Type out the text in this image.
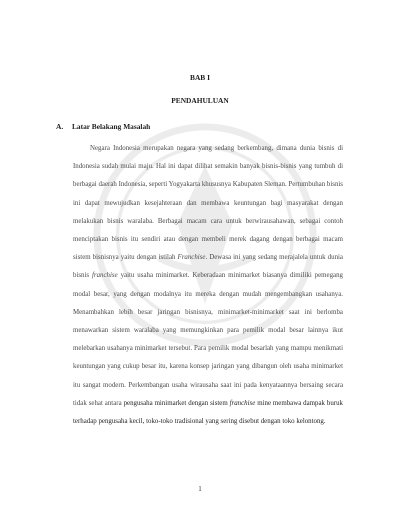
BAB I
PENDAHULUAN
A. Latar Belakang Masalah

Negara Indonesia merupakan negara yang sedang berkembang, dimana dunia bisnis di Indonesia sudah mulai maju. Hal ini dapat dilihat semakin banyak bisnis-bisnis yang tumbuh di berbagai daerah Indonesia, seperti Yogyakarta khususnya Kabupaten Sleman. Pertumbuhan bisnis ini dapat mewujudkan kesejahteraan dan membawa keuntungan bagi masyarakat dengan melakukan bisnis waralaba. Berbagai macam cara untuk berwirausahawan, sebagai contoh menciptakan bisnis itu sendiri atau dengan membeli merek dagang dengan berbagai macam sistem bisnisnya yaitu dengan istilah Franchise. Dewasa ini yang sedang merajalela untuk dunia bisnis franchise yaitu usaha minimarket. Keberadaan minimarket biasanya dimiliki pemegang modal besar, yang dengan modalnya itu mereka dengan mudah mengembangkan usahanya. Menambahkan lebih besar jaringan bisnisnya, minimarket-minimarket saat ini berlomba menawarkan sistem waralaba yang memungkinkan para pemilik modal besar lainnya ikut melebarkan usahanya minimarket tersebut. Para pemilik modal besarlah yang mampu menikmati keuntungan yang cukup besar itu, karena konsep jaringan yang dibangun oleh usaha minimarket itu sangat modern. Perkembangan usaha wirausaha saat ini pada kenyataannya bersaing secara tidak sehat antara pengusaha minimarket dengan sistem franchise mine membawa dampak buruk terhadap pengusaha kecil, toko-toko tradisional yang sering disebut dengan toko kelontong.

1
